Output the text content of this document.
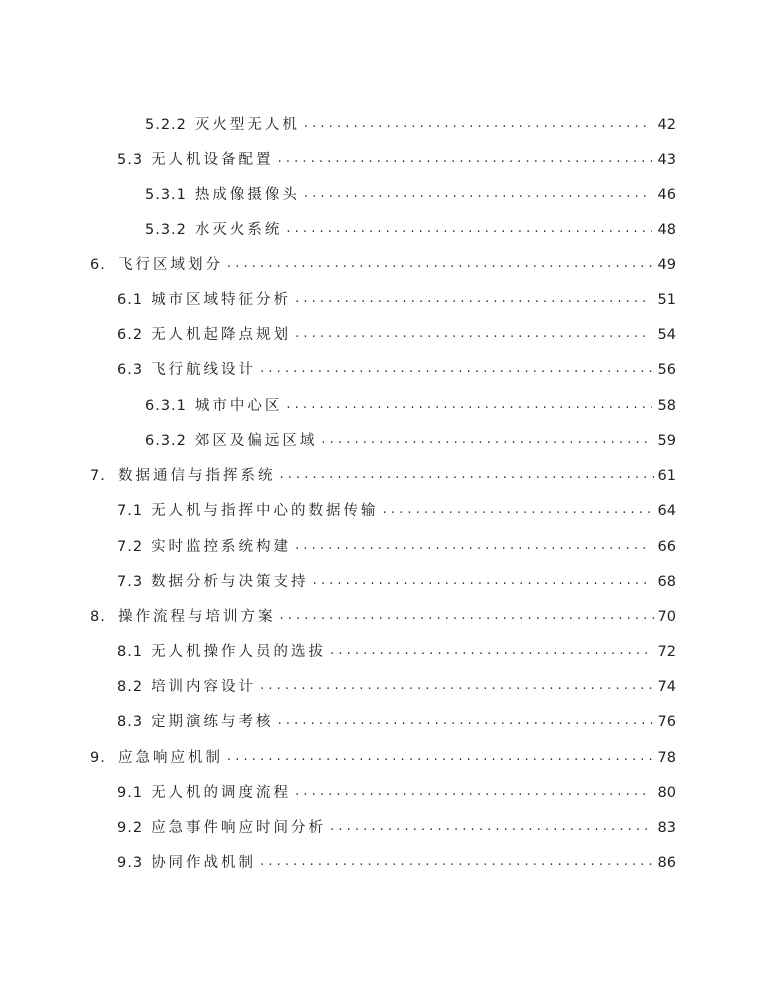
5.2.2 灭火型无人机 . . .	42
5.3 无人机设备配置 . . .	43
5.3.1 热成像摄像头 . . .	46
5.3.2 水灭火系统 . . .	48
6. 飞行区域划分 . . .	49
6.1 城市区域特征分析 . . .	51
6.2 无人机起降点规划 . . .	54
6.3 飞行航线设计 . . .	56
6.3.1 城市中心区 . . .	58
6.3.2 郊区及偏远区域 . . .	59
7. 数据通信与指挥系统 . . .	61
7.1 无人机与指挥中心的数据传输 . . .	64
7.2 实时监控系统构建 . . .	66
7.3 数据分析与决策支持 . . .	68
8. 操作流程与培训方案 . . .	70
8.1 无人机操作人员的选拔 . . .	72
8.2 培训内容设计 . . .	74
8.3 定期演练与考核 . . .	76
9. 应急响应机制 . . .	78
9.1 无人机的调度流程 . . .	80
9.2 应急事件响应时间分析 . . .	83
9.3 协同作战机制 . . .	86
